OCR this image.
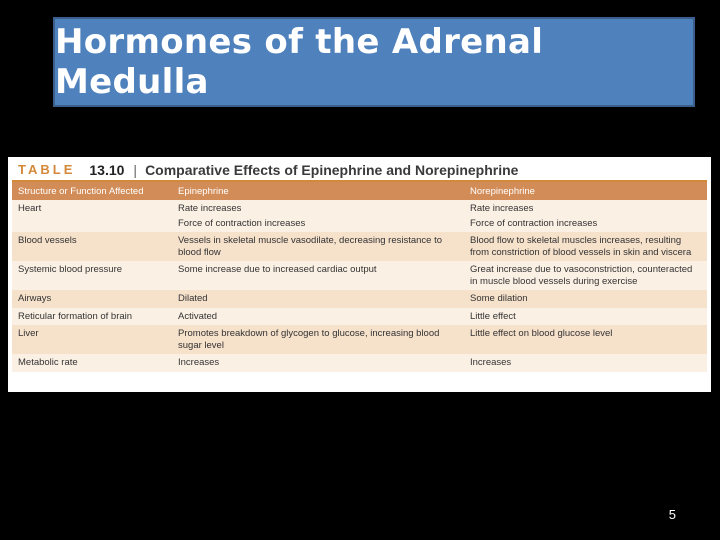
Hormones of the Adrenal Medulla
TABLE 13.10 | Comparative Effects of Epinephrine and Norepinephrine
Structure or Function Affected	Epinephrine	Norepinephrine
Heart	Rate increases	Rate increases
	Force of contraction increases	Force of contraction increases
Blood vessels	Vessels in skeletal muscle vasodilate, decreasing resistance to blood flow	Blood flow to skeletal muscles increases, resulting from constriction of blood vessels in skin and viscera
Systemic blood pressure	Some increase due to increased cardiac output	Great increase due to vasoconstriction, counteracted in muscle blood vessels during exercise
Airways	Dilated	Some dilation
Reticular formation of brain	Activated	Little effect
Liver	Promotes breakdown of glycogen to glucose, increasing blood sugar level	Little effect on blood glucose level
Metabolic rate	Increases	Increases
5
